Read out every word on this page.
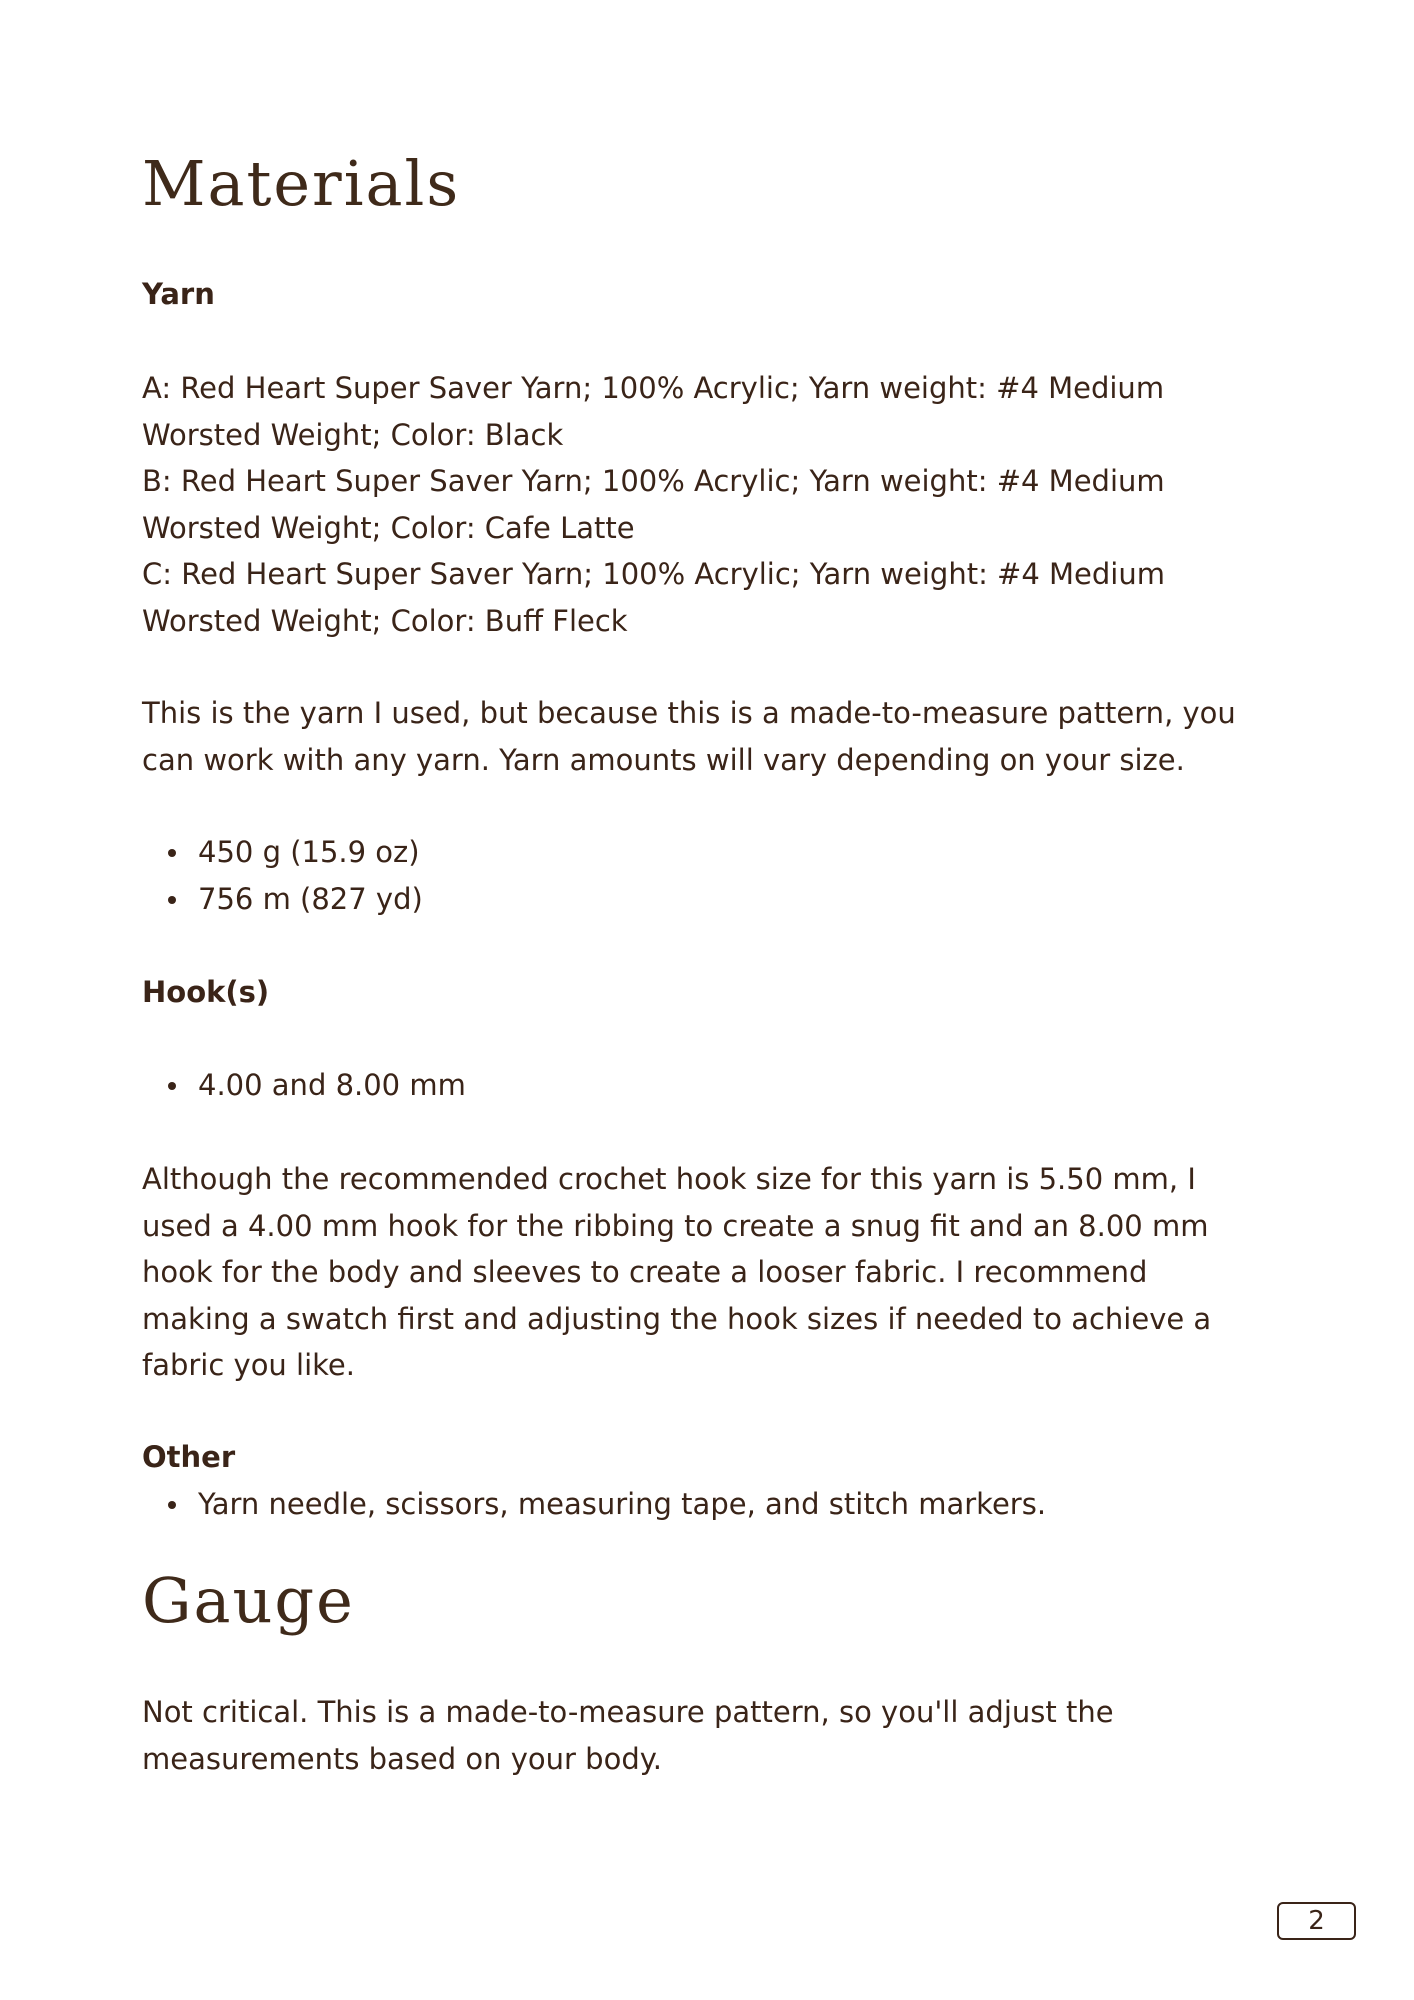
Materials
Yarn

A: Red Heart Super Saver Yarn; 100% Acrylic; Yarn weight: #4 Medium
Worsted Weight; Color: Black
B: Red Heart Super Saver Yarn; 100% Acrylic; Yarn weight: #4 Medium
Worsted Weight; Color: Cafe Latte
C: Red Heart Super Saver Yarn; 100% Acrylic; Yarn weight: #4 Medium
Worsted Weight; Color: Buff Fleck

This is the yarn I used, but because this is a made-to-measure pattern, you
can work with any yarn. Yarn amounts will vary depending on your size.

450 g (15.9 oz)
756 m (827 yd)
Hook(s)
4.00 and 8.00 mm

Although the recommended crochet hook size for this yarn is 5.50 mm, I
used a 4.00 mm hook for the ribbing to create a snug fit and an 8.00 mm
hook for the body and sleeves to create a looser fabric. I recommend
making a swatch first and adjusting the hook sizes if needed to achieve a
fabric you like.

Other
Yarn needle, scissors, measuring tape, and stitch markers.
Gauge

Not critical. This is a made-to-measure pattern, so you'll adjust the
measurements based on your body.

2
